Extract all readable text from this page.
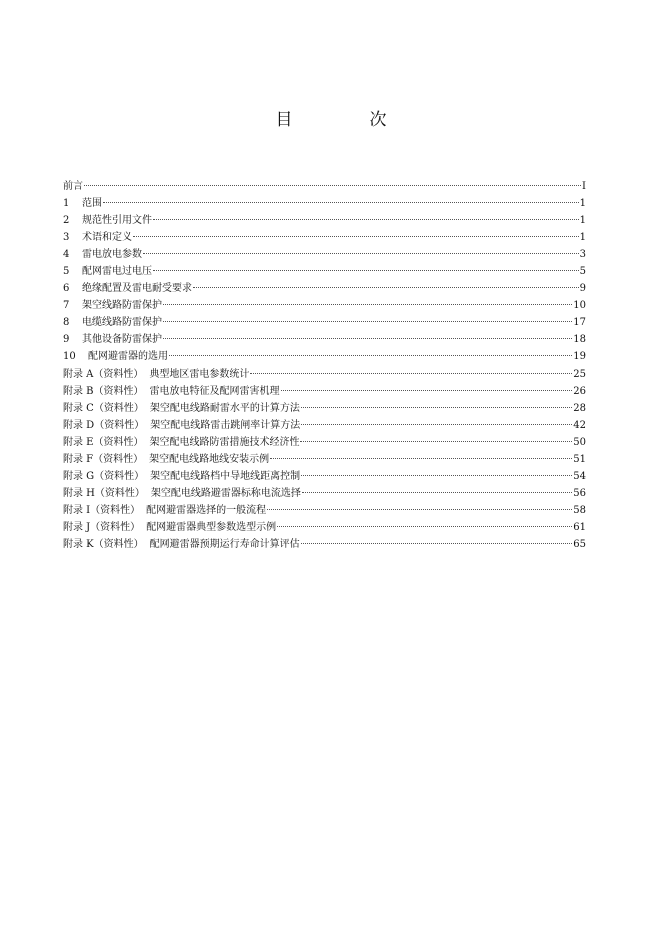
目　次
前言	I
1	范围	1
2	规范性引用文件	1
3	术语和定义	1
4	雷电放电参数	3
5	配网雷电过电压	5
6	绝缘配置及雷电耐受要求	9
7	架空线路防雷保护	10
8	电缆线路防雷保护	17
9	其他设备防雷保护	18
10	配网避雷器的选用	19
附录 A（资料性） 典型地区雷电参数统计	25
附录 B（资料性） 雷电放电特征及配网雷害机理	26
附录 C（资料性） 架空配电线路耐雷水平的计算方法	28
附录 D（资料性） 架空配电线路雷击跳闸率计算方法	42
附录 E（资料性） 架空配电线路防雷措施技术经济性	50
附录 F（资料性） 架空配电线路地线安装示例	51
附录 G（资料性） 架空配电线路档中导地线距离控制	54
附录 H（资料性） 架空配电线路避雷器标称电流选择	56
附录 I（资料性） 配网避雷器选择的一般流程	58
附录 J（资料性） 配网避雷器典型参数选型示例	61
附录 K（资料性） 配网避雷器预期运行寿命计算评估	65
